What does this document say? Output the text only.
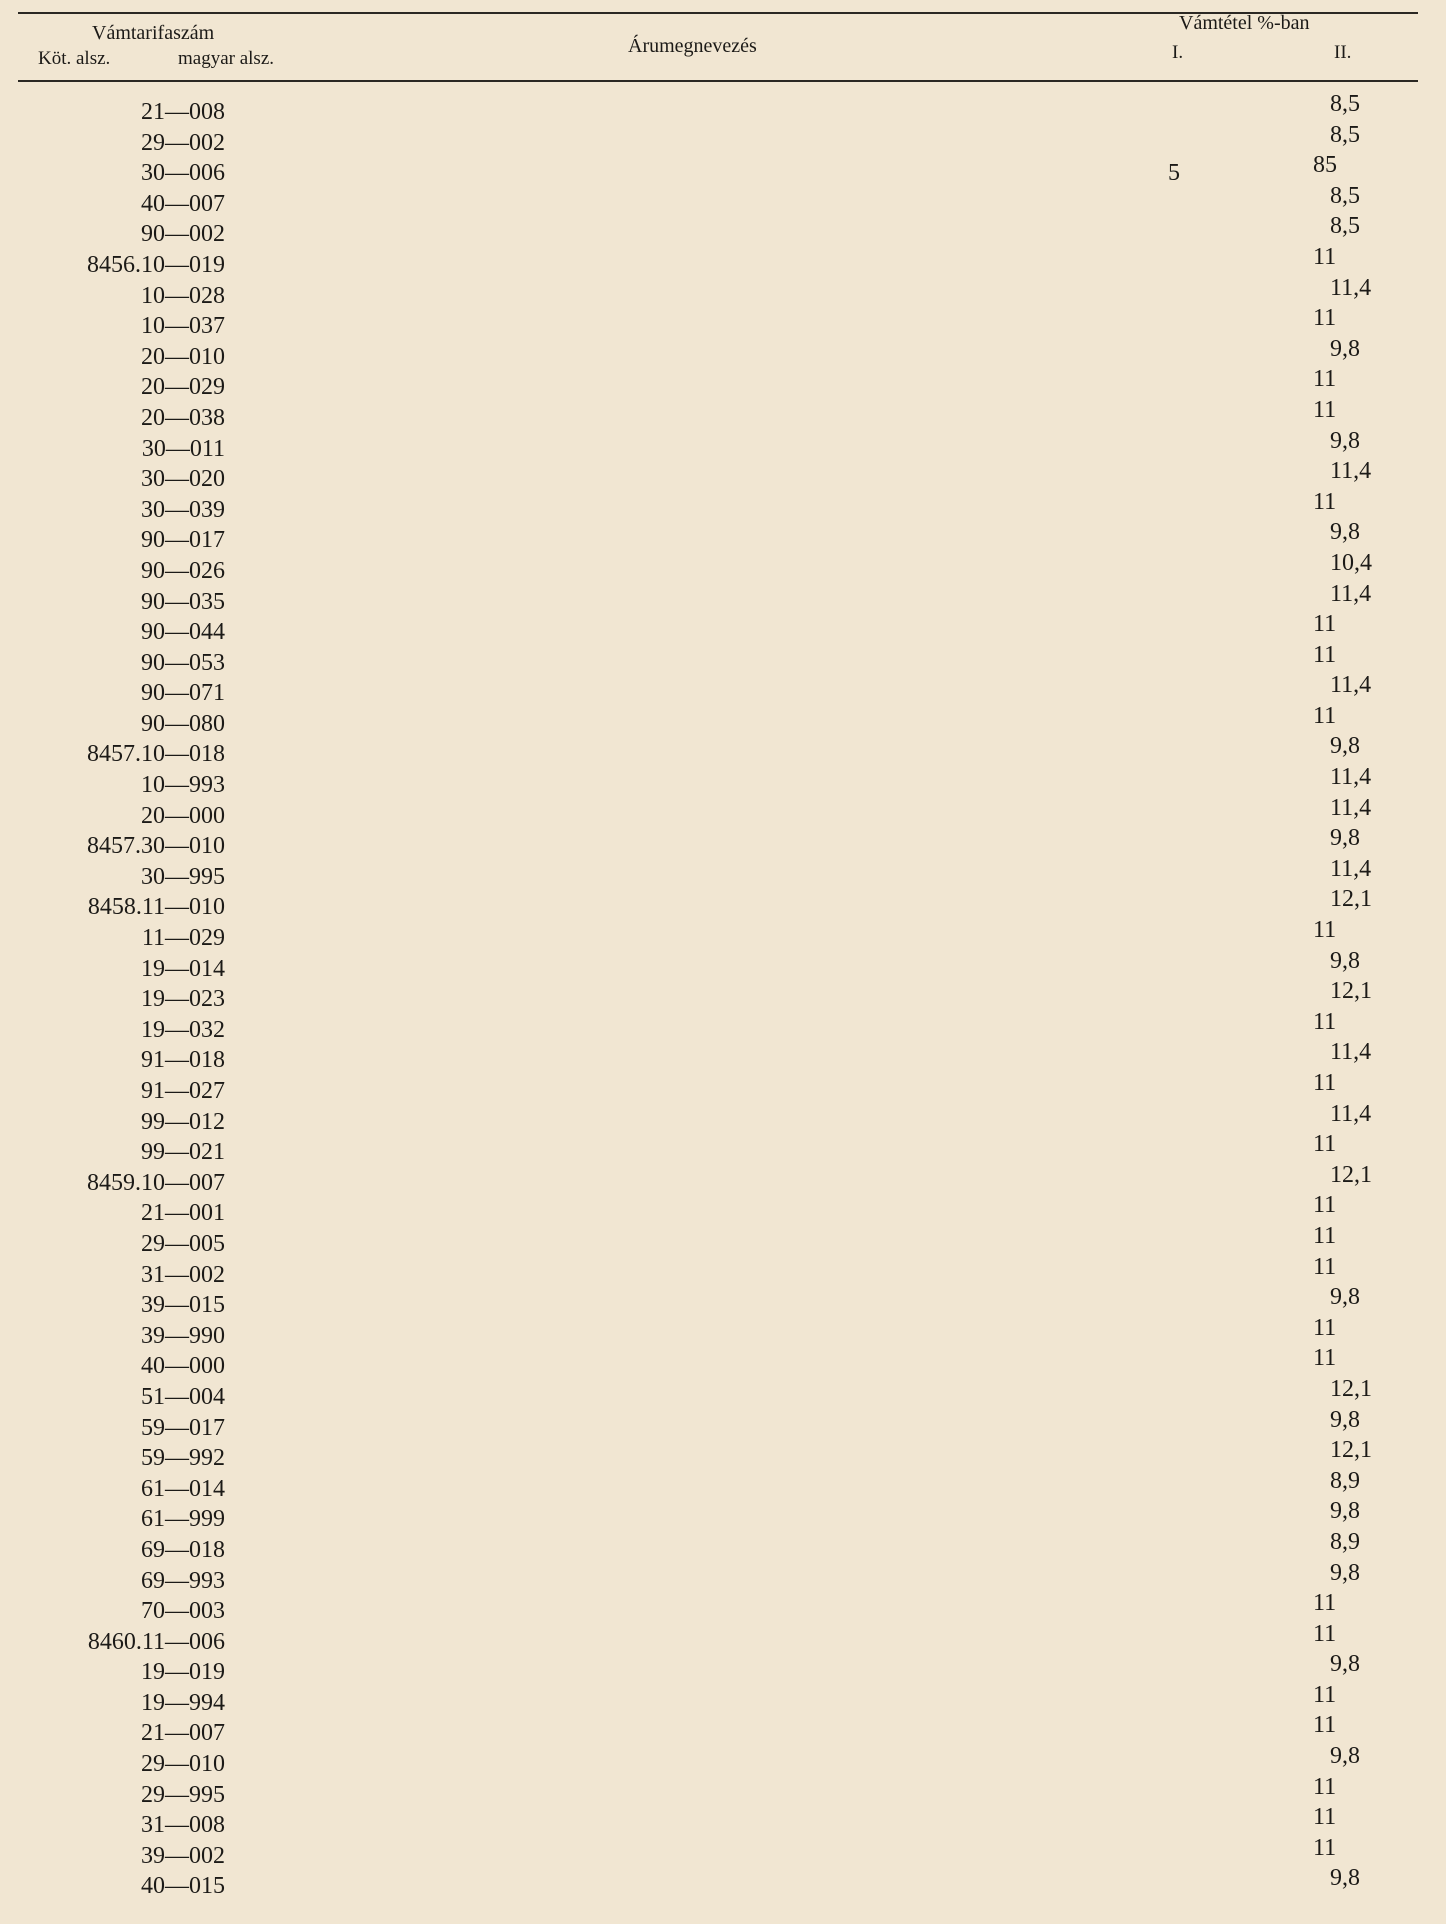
Vámtarifaszám
Köt. alsz.	magyar alsz.
Árumegnevezés
Vámtétel %-ban
I.	II.
21—008	8,5
29—002	8,5
30—006	5	85
40—007	8,5
90—002	8,5
8456.10—019	11
10—028	11,4
10—037	11
20—010	9,8
20—029	11
20—038	11
30—011	9,8
30—020	11,4
30—039	11
90—017	9,8
90—026	10,4
90—035	11,4
90—044	11
90—053	11
90—071	11,4
90—080	11
8457.10—018	9,8
10—993	11,4
20—000	11,4
8457.30—010	9,8
30—995	11,4
8458.11—010	12,1
11—029	11
19—014	9,8
19—023	12,1
19—032	11
91—018	11,4
91—027	11
99—012	11,4
99—021	11
8459.10—007	12,1
21—001	11
29—005	11
31—002	11
39—015	9,8
39—990	11
40—000	11
51—004	12,1
59—017	9,8
59—992	12,1
61—014	8,9
61—999	9,8
69—018	8,9
69—993	9,8
70—003	11
8460.11—006	11
19—019	9,8
19—994	11
21—007	11
29—010	9,8
29—995	11
31—008	11
39—002	11
40—015	9,8
